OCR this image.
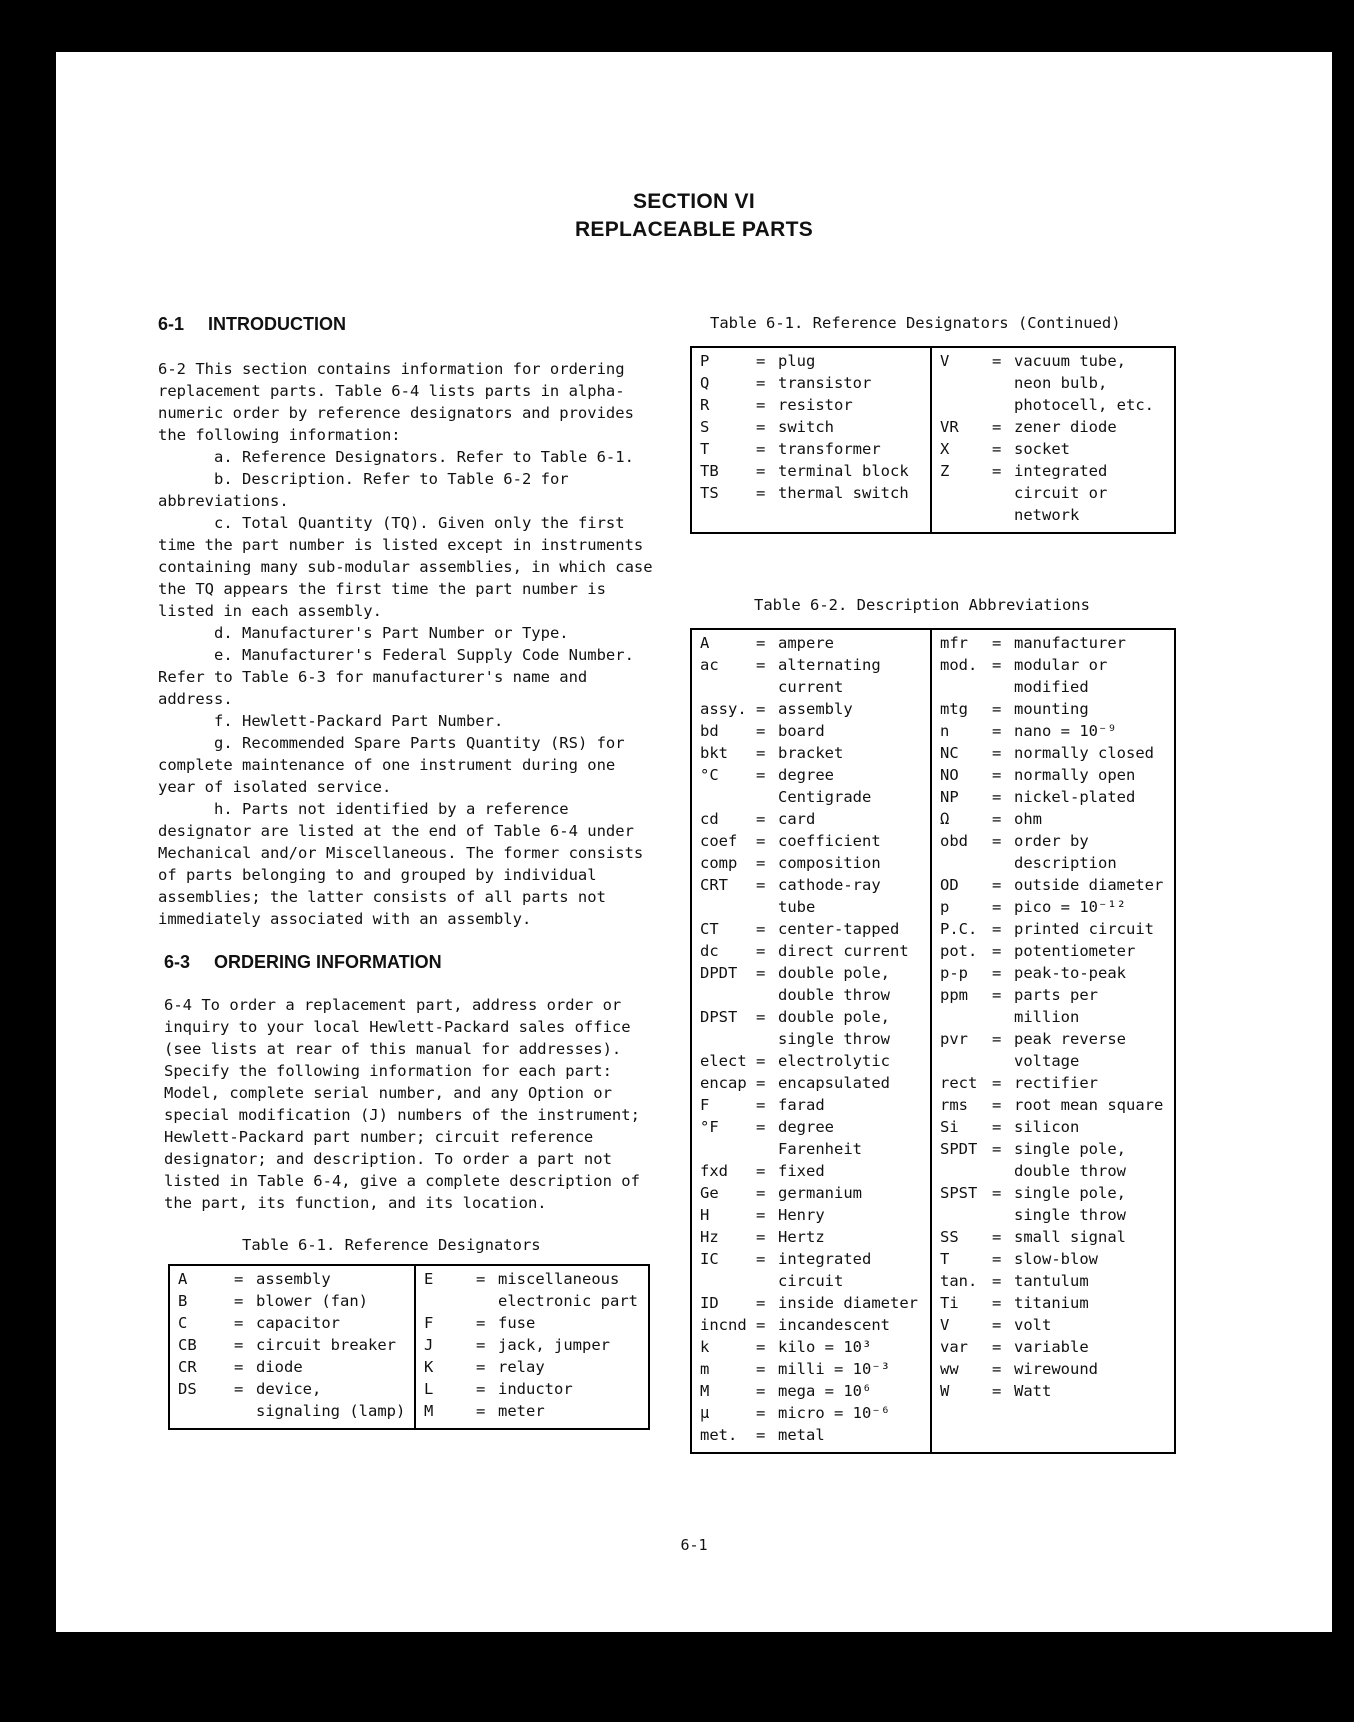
SECTION VI
REPLACEABLE PARTS
6-1 INTRODUCTION

6-2 This section contains information for ordering replacement parts. Table 6-4 lists parts in alpha-numeric order by reference designators and provides the following information:

a. Reference Designators. Refer to Table 6-1.

b. Description. Refer to Table 6-2 for abbreviations.

c. Total Quantity (TQ). Given only the first time the part number is listed except in instruments containing many sub-modular assemblies, in which case the TQ appears the first time the part number is listed in each assembly.

d. Manufacturer's Part Number or Type.

e. Manufacturer's Federal Supply Code Number. Refer to Table 6-3 for manufacturer's name and address.

f. Hewlett-Packard Part Number.

g. Recommended Spare Parts Quantity (RS) for complete maintenance of one instrument during one year of isolated service.

h. Parts not identified by a reference designator are listed at the end of Table 6-4 under Mechanical and/or Miscellaneous. The former consists of parts belonging to and grouped by individual assemblies; the latter consists of all parts not immediately associated with an assembly.

6-3 ORDERING INFORMATION

6-4 To order a replacement part, address order or inquiry to your local Hewlett-Packard sales office (see lists at rear of this manual for addresses). Specify the following information for each part: Model, complete serial number, and any Option or special modification (J) numbers of the instrument; Hewlett-Packard part number; circuit reference designator; and description. To order a part not listed in Table 6-4, give a complete description of the part, its function, and its location.

Table 6-1. Reference Designators
A	= assembly
B	= blower (fan)
C	= capacitor
CB	= circuit breaker
CR	= diode
DS	= device, signaling (lamp)

E	= miscellaneous electronic part
F	= fuse
J	= jack, jumper
K	= relay
L	= inductor
M	= meter
Table 6-1. Reference Designators (Continued)
P	= plug
Q	= transistor
R	= resistor
S	= switch
T	= transformer
TB	= terminal block
TS	= thermal switch

V	= vacuum tube, neon bulb, photocell, etc.
VR	= zener diode
X	= socket
Z	= integrated circuit or network
Table 6-2. Description Abbreviations
A	= ampere
ac	= alternating current
assy. = assembly
bd	= board
bkt	= bracket
°C	= degree Centigrade
cd	= card
coef	= coefficient
comp	= composition
CRT	= cathode-ray tube
CT	= center-tapped
dc	= direct current
DPDT	= double pole, double throw
DPST	= double pole, single throw
elect = electrolytic
encap = encapsulated
F	= farad
°F	= degree Farenheit
fxd	= fixed
Ge	= germanium
H	= Henry
Hz	= Hertz
IC	= integrated circuit
ID	= inside diameter
incnd = incandescent
k	= kilo = 10³
m	= milli = 10⁻³
M	= mega = 10⁶
μ	= micro = 10⁻⁶
met.	= metal

mfr	= manufacturer
mod. = modular or modified
mtg	= mounting
n	= nano = 10⁻⁹
NC	= normally closed
NO	= normally open
NP	= nickel-plated
Ω	= ohm
obd	= order by description
OD	= outside diameter
p	= pico = 10⁻¹²
P.C. = printed circuit
pot. = potentiometer
p-p	= peak-to-peak
ppm	= parts per million
pvr	= peak reverse voltage
rect = rectifier
rms	= root mean square
Si	= silicon
SPDT = single pole, double throw
SPST = single pole, single throw
SS	= small signal
T	= slow-blow
tan. = tantulum
Ti	= titanium
V	= volt
var	= variable
ww	= wirewound
W	= Watt
6-1
